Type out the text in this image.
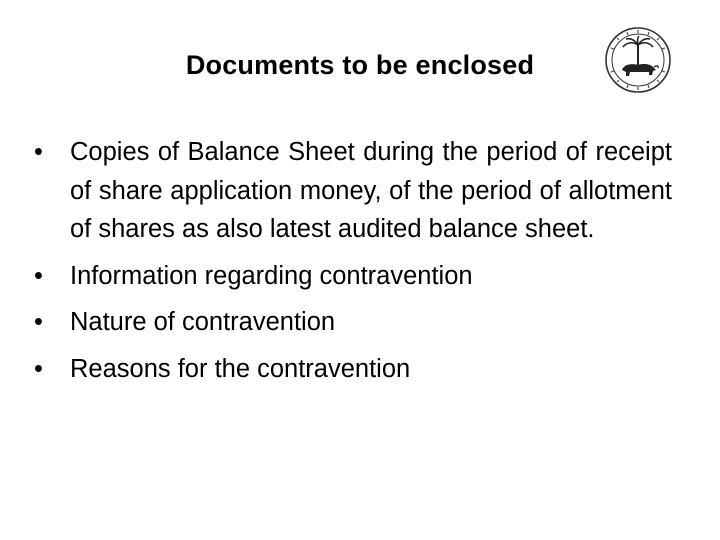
Documents to be enclosed
•	Copies of Balance Sheet during the period of receipt of share application money, of the period of allotment of shares as also latest audited balance sheet.
•	Information regarding contravention
•	Nature of contravention
•	Reasons for the contravention
